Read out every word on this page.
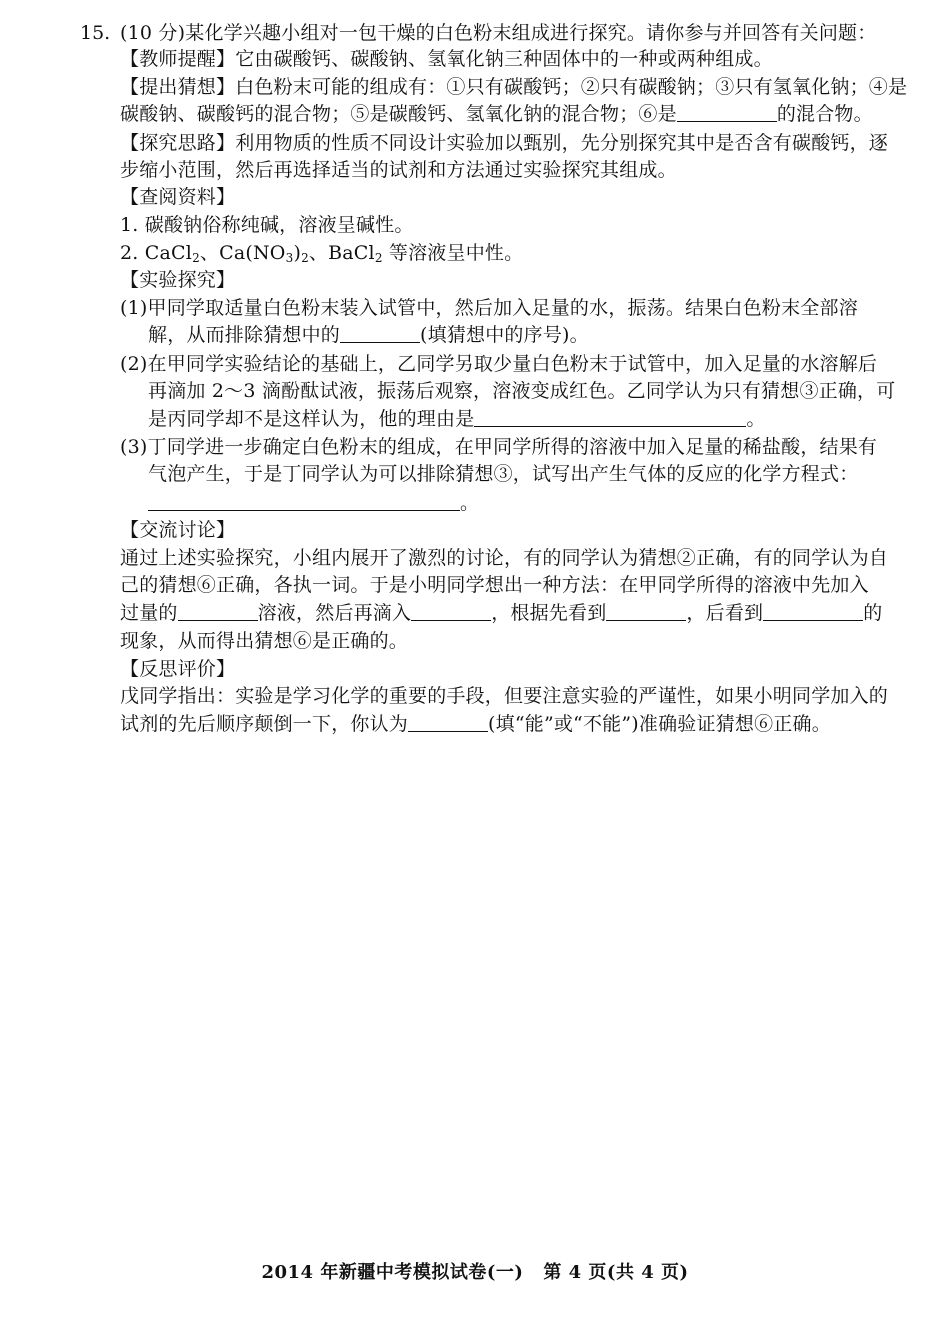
15. (10 分)某化学兴趣小组对一包干燥的白色粉末组成进行探究。请你参与并回答有关问题：
【教师提醒】它由碳酸钙、碳酸钠、氢氧化钠三种固体中的一种或两种组成。
【提出猜想】白色粉末可能的组成有：①只有碳酸钙；②只有碳酸钠；③只有氢氧化钠；④是
碳酸钠、碳酸钙的混合物；⑤是碳酸钙、氢氧化钠的混合物；⑥是	的混合物。
【探究思路】利用物质的性质不同设计实验加以甄别，先分别探究其中是否含有碳酸钙，逐
步缩小范围，然后再选择适当的试剂和方法通过实验探究其组成。
【查阅资料】
1. 碳酸钠俗称纯碱，溶液呈碱性。
2. CaCl$_2$、$Ca(NO_3)_2$、BaCl$_2$ 等溶液呈中性。
【实验探究】
(1)甲同学取适量白色粉末装入试管中，然后加入足量的水，振荡。结果白色粉末全部溶
解，从而排除猜想中的	(填猜想中的序号)。
(2)在甲同学实验结论的基础上，乙同学另取少量白色粉末于试管中，加入足量的水溶解后
再滴加 2～3 滴酚酞试液，振荡后观察，溶液变成红色。乙同学认为只有猜想③正确，可
是丙同学却不是这样认为，他的理由是	。
(3)丁同学进一步确定白色粉末的组成，在甲同学所得的溶液中加入足量的稀盐酸，结果有
气泡产生，于是丁同学认为可以排除猜想③，试写出产生气体的反应的化学方程式：
。
【交流讨论】
通过上述实验探究，小组内展开了激烈的讨论，有的同学认为猜想②正确，有的同学认为自
己的猜想⑥正确，各执一词。于是小明同学想出一种方法：在甲同学所得的溶液中先加入
过量的	溶液，然后再滴入	，根据先看到	，后看到	的
现象，从而得出猜想⑥是正确的。
【反思评价】
戊同学指出：实验是学习化学的重要的手段，但要注意实验的严谨性，如果小明同学加入的
试剂的先后顺序颠倒一下，你认为	(填“能”或“不能”)准确验证猜想⑥正确。
2014 年新疆中考模拟试卷(一) 第 4 页(共 4 页)
